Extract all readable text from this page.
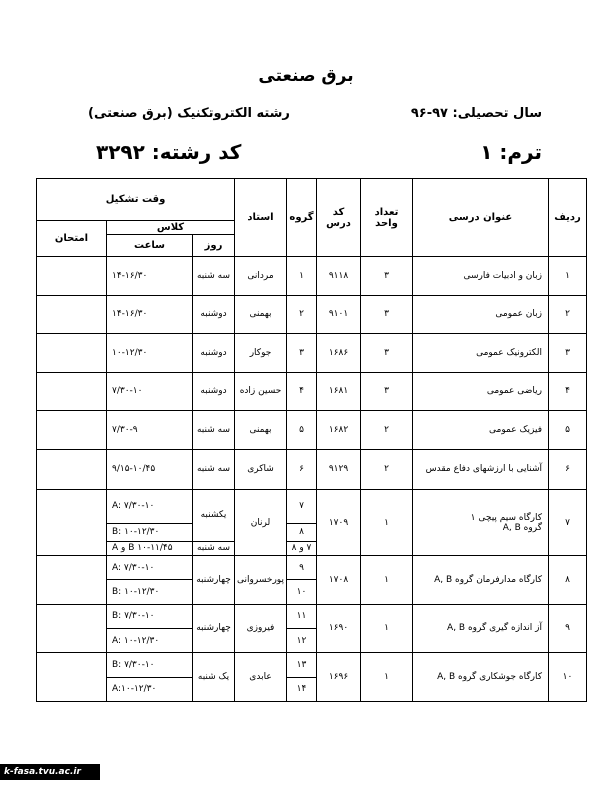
برق صنعتی
سال تحصیلی: ۹۷-۹۶
رشته الکتروتکنیک (برق صنعتی)
ترم: ۱
کد رشته: ۳۲۹۲
ردیف	عنوان درسی	تعداد واحد	کد درس	گروه	استاد	وقت تشکیل		
						کلاس		امتحان
						روز	ساعت	
۱	زبان و ادبیات فارسی	۳	۹۱۱۸	۱	مردانی	سه شنبه	۱۴-۱۶/۳۰	
۲	زبان عمومی	۳	۹۱۰۱	۲	بهمنی	دوشنبه	۱۴-۱۶/۳۰	
۳	الکترونیک عمومی	۳	۱۶۸۶	۳	جوکار	دوشنبه	۱۰-۱۲/۳۰	
۴	ریاضی عمومی	۳	۱۶۸۱	۴	حسین زاده	دوشنبه	۷/۳۰-۱۰	
۵	فیزیک عمومی	۲	۱۶۸۲	۵	بهمنی	سه شنبه	۷/۳۰-۹	
۶	آشنایی با ارزشهای دفاع مقدس	۲	۹۱۲۹	۶	شاکری	سه شنبه	۹/۱۵-۱۰/۴۵	
۷	کارگاه سیم پیچی ۱
گروه A, B	۱	۱۷۰۹	۷	لرنان	یکشنبه	A: ۷/۳۰-۱۰	
				۸			B: ۱۰-۱۲/۳۰	
				۷ و ۸		سه شنبه	A و B ۱۰-۱۱/۴۵	
۸	کارگاه مدارفرمان گروه A, B	۱	۱۷۰۸	۹	پورخسروانی	چهارشنبه	A: ۷/۳۰-۱۰	
				۱۰			B: ۱۰-۱۲/۳۰	
۹	آز اندازه گیری گروه A, B	۱	۱۶۹۰	۱۱	فیروزی	چهارشنبه	B: ۷/۳۰-۱۰	
				۱۲			A: ۱۰-۱۲/۳۰	
۱۰	کارگاه جوشکاری گروه A, B	۱	۱۶۹۶	۱۳	عابدی	یک شنبه	B: ۷/۳۰-۱۰	
				۱۴			A:۱۰-۱۲/۳۰	
k-fasa.tvu.ac.ir
